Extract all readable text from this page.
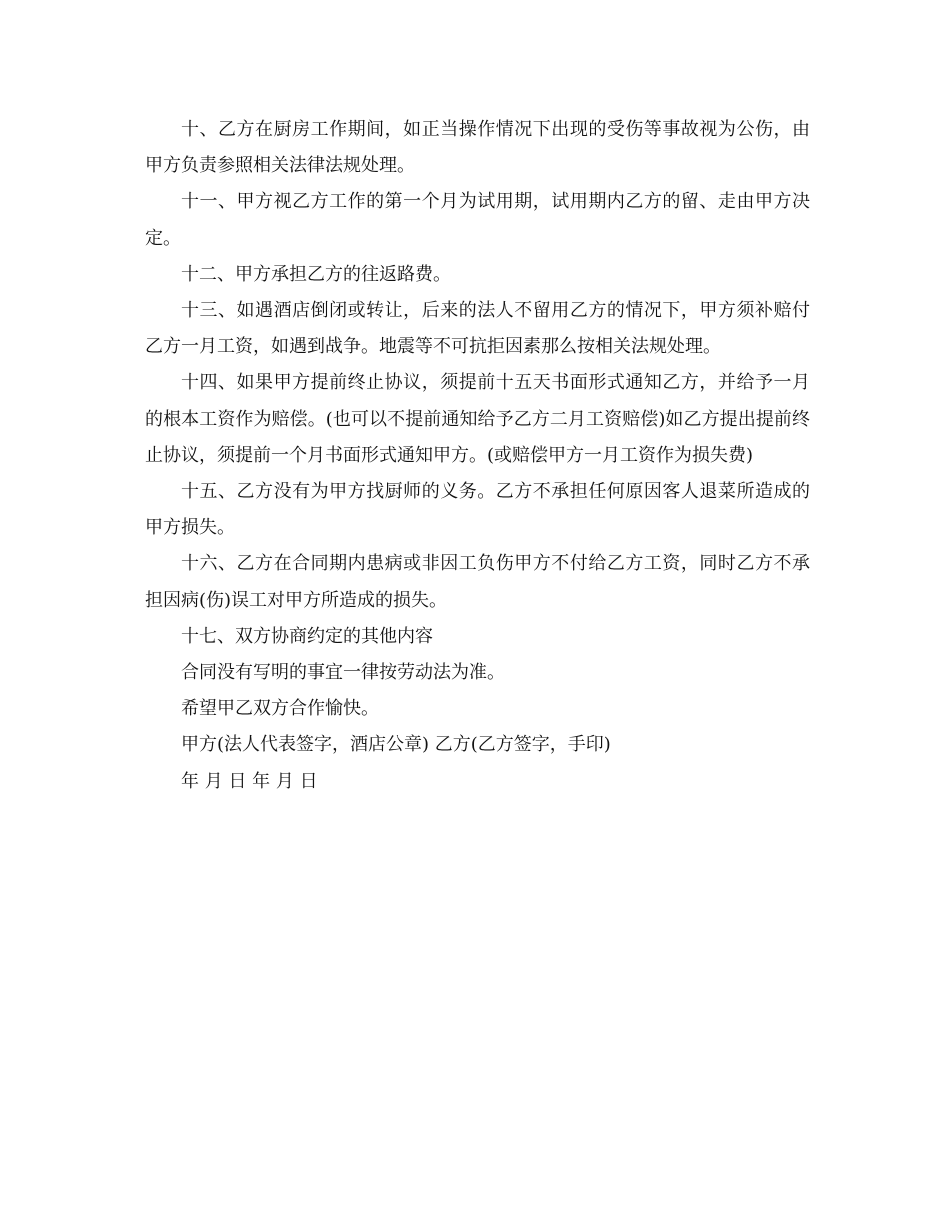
十、乙方在厨房工作期间，如正当操作情况下出现的受伤等事故视为公伤，由甲方负责参照相关法律法规处理。

十一、甲方视乙方工作的第一个月为试用期，试用期内乙方的留、走由甲方决定。

十二、甲方承担乙方的往返路费。

十三、如遇酒店倒闭或转让，后来的法人不留用乙方的情况下，甲方须补赔付乙方一月工资，如遇到战争。地震等不可抗拒因素那么按相关法规处理。

十四、如果甲方提前终止协议，须提前十五天书面形式通知乙方，并给予一月的根本工资作为赔偿。(也可以不提前通知给予乙方二月工资赔偿)如乙方提出提前终止协议，须提前一个月书面形式通知甲方。(或赔偿甲方一月工资作为损失费)

十五、乙方没有为甲方找厨师的义务。乙方不承担任何原因客人退菜所造成的甲方损失。

十六、乙方在合同期内患病或非因工负伤甲方不付给乙方工资，同时乙方不承担因病(伤)误工对甲方所造成的损失。

十七、双方协商约定的其他内容

合同没有写明的事宜一律按劳动法为准。

希望甲乙双方合作愉快。

甲方(法人代表签字，酒店公章) 乙方(乙方签字，手印)

年 月 日 年 月 日
